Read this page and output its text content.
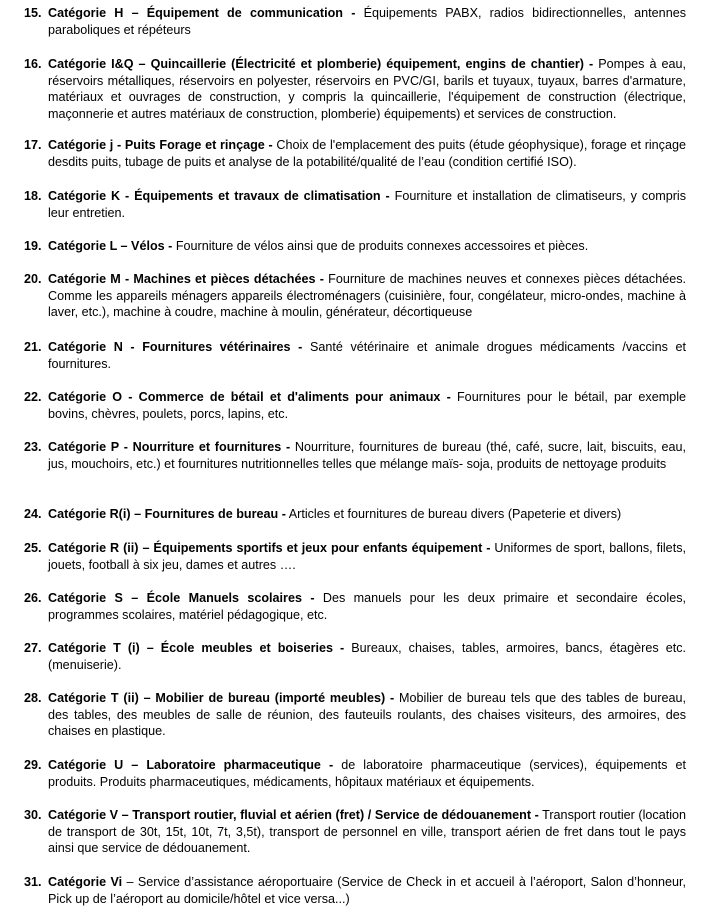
15. Catégorie H – Équipement de communication - Équipements PABX, radios bidirectionnelles, antennes paraboliques et répéteurs
16. Catégorie I&Q – Quincaillerie (Électricité et plomberie) équipement, engins de chantier) - Pompes à eau, réservoirs métalliques, réservoirs en polyester, réservoirs en PVC/GI, barils et tuyaux, tuyaux, barres d'armature, matériaux et ouvrages de construction, y compris la quincaillerie, l'équipement de construction (électrique, maçonnerie et autres matériaux de construction, plomberie) équipements) et services de construction.
17. Catégorie j - Puits Forage et rinçage - Choix de l'emplacement des puits (étude géophysique), forage et rinçage desdits puits, tubage de puits et analyse de la potabilité/qualité de l’eau (condition certifié ISO).
18. Catégorie K - Équipements et travaux de climatisation - Fourniture et installation de climatiseurs, y compris leur entretien.
19. Catégorie L – Vélos - Fourniture de vélos ainsi que de produits connexes accessoires et pièces.
20. Catégorie M - Machines et pièces détachées - Fourniture de machines neuves et connexes pièces détachées. Comme les appareils ménagers appareils électroménagers (cuisinière, four, congélateur, micro-ondes, machine à laver, etc.), machine à coudre, machine à moulin, générateur, décortiqueuse
21. Catégorie N - Fournitures vétérinaires - Santé vétérinaire et animale drogues médicaments /vaccins et fournitures.
22. Catégorie O - Commerce de bétail et d'aliments pour animaux - Fournitures pour le bétail, par exemple bovins, chèvres, poulets, porcs, lapins, etc.
23. Catégorie P - Nourriture et fournitures - Nourriture, fournitures de bureau (thé, café, sucre, lait, biscuits, eau, jus, mouchoirs, etc.) et fournitures nutritionnelles telles que mélange maïs- soja, produits de nettoyage produits
24. Catégorie R(i) – Fournitures de bureau - Articles et fournitures de bureau divers (Papeterie et divers)
25. Catégorie R (ii) – Équipements sportifs et jeux pour enfants équipement - Uniformes de sport, ballons, filets, jouets, football à six jeu, dames et autres ….
26. Catégorie S – École Manuels scolaires - Des manuels pour les deux primaire et secondaire écoles, programmes scolaires, matériel pédagogique, etc.
27. Catégorie T (i) – École meubles et boiseries - Bureaux, chaises, tables, armoires, bancs, étagères etc. (menuiserie).
28. Catégorie T (ii) – Mobilier de bureau (importé meubles) - Mobilier de bureau tels que des tables de bureau, des tables, des meubles de salle de réunion, des fauteuils roulants, des chaises visiteurs, des armoires, des chaises en plastique.
29. Catégorie U – Laboratoire pharmaceutique - de laboratoire pharmaceutique (services), équipements et produits. Produits pharmaceutiques, médicaments, hôpitaux matériaux et équipements.
30. Catégorie V – Transport routier, fluvial et aérien (fret) / Service de dédouanement - Transport routier (location de transport de 30t, 15t, 10t, 7t, 3,5t), transport de personnel en ville, transport aérien de fret dans tout le pays ainsi que service de dédouanement.
31. Catégorie Vi – Service d’assistance aéroportuaire (Service de Check in et accueil à l’aéroport, Salon d’honneur, Pick up de l’aéroport au domicile/hôtel et vice versa...)
